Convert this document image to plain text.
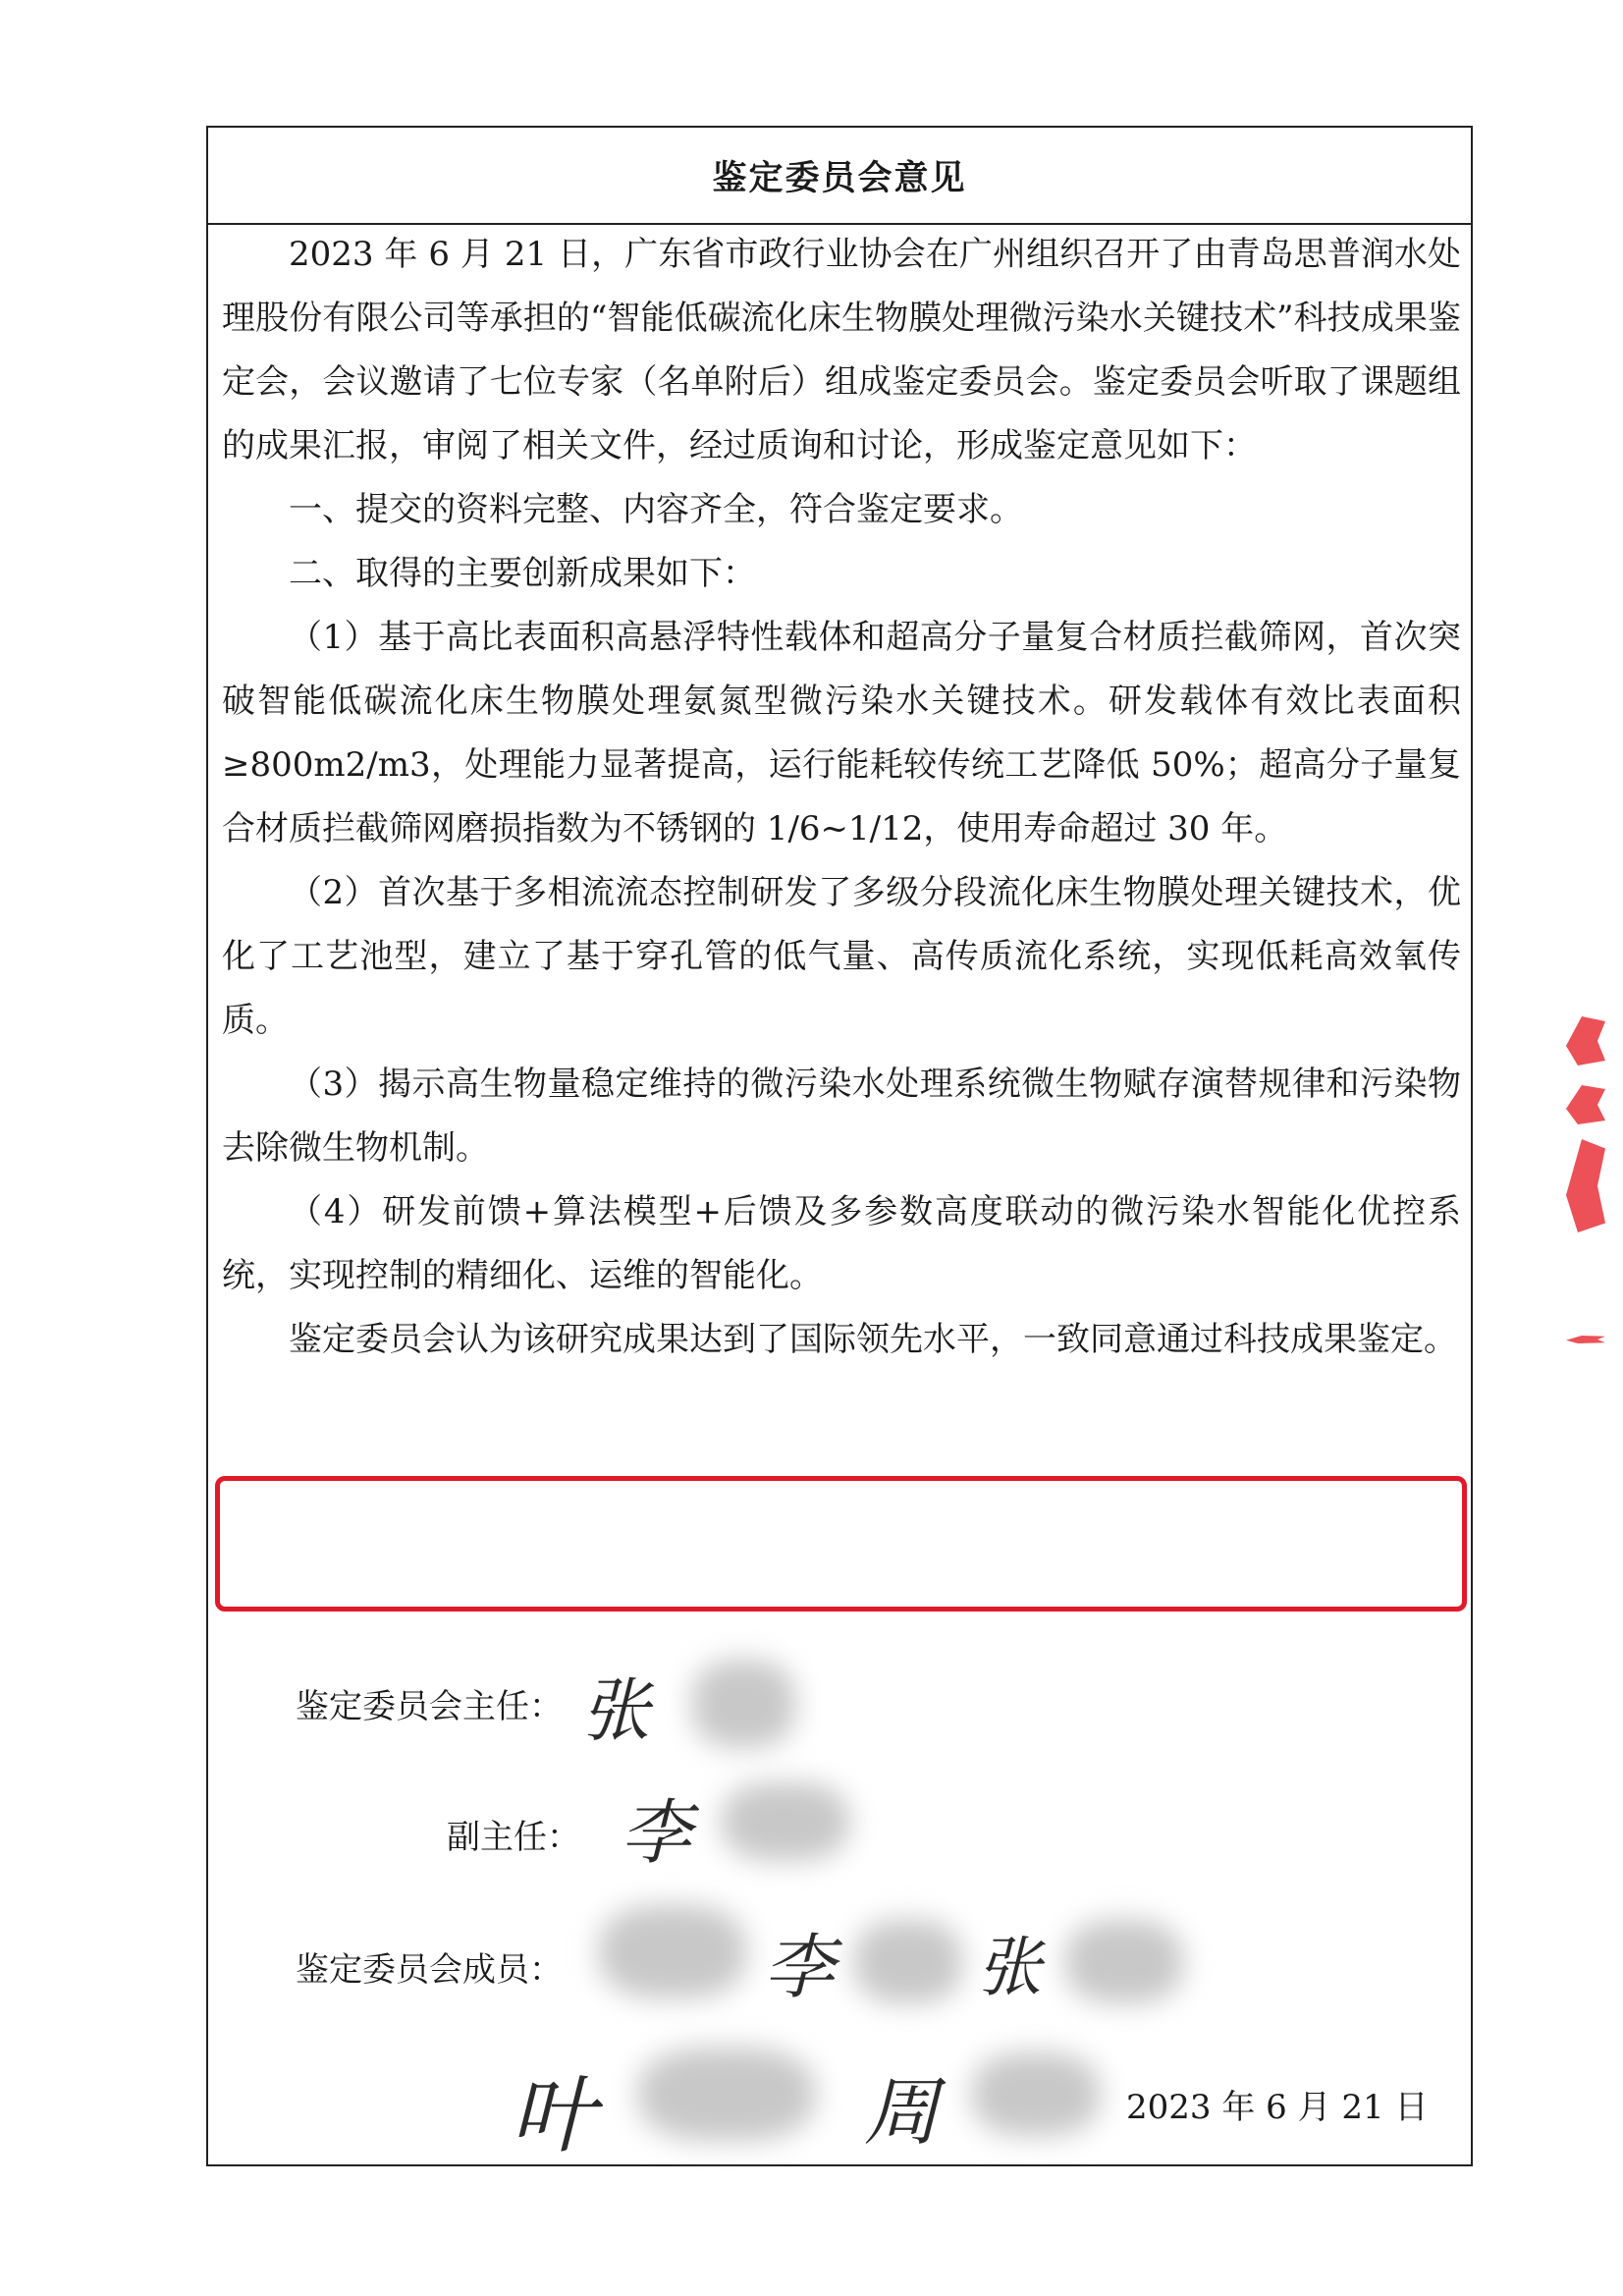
鉴定委员会意见

2023 年 6 月 21 日，广东省市政行业协会在广州组织召开了由青岛思普润水处理股份有限公司等承担的“智能低碳流化床生物膜处理微污染水关键技术”科技成果鉴定会，会议邀请了七位专家（名单附后）组成鉴定委员会。鉴定委员会听取了课题组的成果汇报，审阅了相关文件，经过质询和讨论，形成鉴定意见如下：

一、提交的资料完整、内容齐全，符合鉴定要求。

二、取得的主要创新成果如下：

（1）基于高比表面积高悬浮特性载体和超高分子量复合材质拦截筛网，首次突破智能低碳流化床生物膜处理氨氮型微污染水关键技术。研发载体有效比表面积≥800m2/m3，处理能力显著提高，运行能耗较传统工艺降低 50%；超高分子量复合材质拦截筛网磨损指数为不锈钢的 1/6~1/12，使用寿命超过 30 年。

（2）首次基于多相流流态控制研发了多级分段流化床生物膜处理关键技术，优化了工艺池型，建立了基于穿孔管的低气量、高传质流化系统，实现低耗高效氧传质。

（3）揭示高生物量稳定维持的微污染水处理系统微生物赋存演替规律和污染物去除微生物机制。

（4）研发前馈+算法模型+后馈及多参数高度联动的微污染水智能化优控系统，实现控制的精细化、运维的智能化。

鉴定委员会认为该研究成果达到了国际领先水平，一致同意通过科技成果鉴定。

鉴定委员会主任： 张
副主任： 李
鉴定委员会成员：	李 张
叶	周	2023 年 6 月 21 日
